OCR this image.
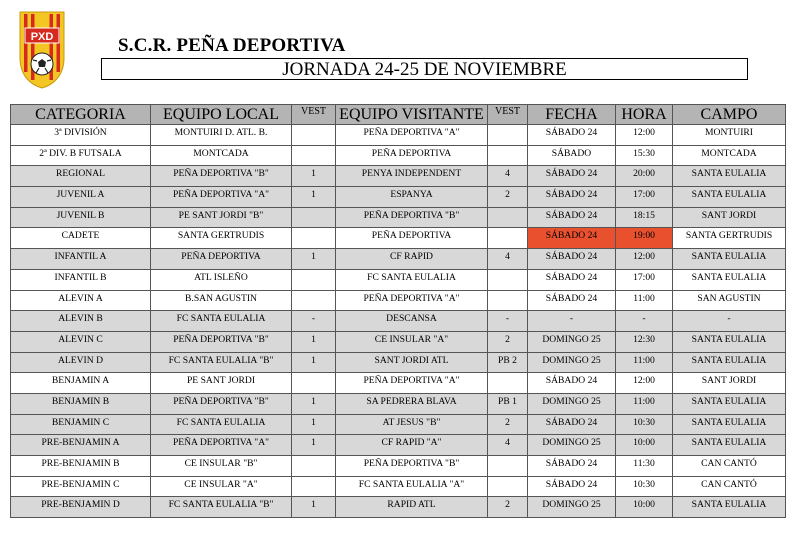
PXD	S.C.R. PEÑA DEPORTIVA
JORNADA 24-25 DE NOVIEMBRE
CATEGORIA	EQUIPO LOCAL	VEST	EQUIPO VISITANTE	VEST	FECHA	HORA	CAMPO
3ª DIVISIÓN	MONTUIRI D. ATL. B.		PEÑA DEPORTIVA "A"		SÁBADO 24	12:00	MONTUIRI
2ª DIV. B FUTSALA	MONTCADA		PEÑA DEPORTIVA		SÁBADO	15:30	MONTCADA
REGIONAL	PEÑA DEPORTIVA "B"	1	PENYA INDEPENDENT	4	SÁBADO 24	20:00	SANTA EULALIA
JUVENIL A	PEÑA DEPORTIVA "A"	1	ESPANYA	2	SÁBADO 24	17:00	SANTA EULALIA
JUVENIL B	PE SANT JORDI "B"		PEÑA DEPORTIVA "B"		SÁBADO 24	18:15	SANT JORDI
CADETE	SANTA GERTRUDIS		PEÑA DEPORTIVA		SÁBADO 24	19:00	SANTA GERTRUDIS
INFANTIL A	PEÑA DEPORTIVA	1	CF RAPID	4	SÁBADO 24	12:00	SANTA EULALIA
INFANTIL B	ATL ISLEÑO		FC SANTA EULALIA		SÁBADO 24	17:00	SANTA EULALIA
ALEVIN A	B.SAN AGUSTIN		PEÑA DEPORTIVA "A"		SÁBADO 24	11:00	SAN AGUSTIN
ALEVIN B	FC SANTA EULALIA	-	DESCANSA	-	-	-	-
ALEVIN C	PEÑA DEPORTIVA "B"	1	CE INSULAR "A"	2	DOMINGO 25	12:30	SANTA EULALIA
ALEVIN D	FC SANTA EULALIA "B"	1	SANT JORDI ATL	PB 2	DOMINGO 25	11:00	SANTA EULALIA
BENJAMIN A	PE SANT JORDI		PEÑA DEPORTIVA "A"		SÁBADO 24	12:00	SANT JORDI
BENJAMIN B	PEÑA DEPORTIVA "B"	1	SA PEDRERA BLAVA	PB 1	DOMINGO 25	11:00	SANTA EULALIA
BENJAMIN C	FC SANTA EULALIA	1	AT JESUS "B"	2	SÁBADO 24	10:30	SANTA EULALIA
PRE-BENJAMIN A	PEÑA DEPORTIVA "A"	1	CF RAPID "A"	4	DOMINGO 25	10:00	SANTA EULALIA
PRE-BENJAMIN B	CE INSULAR "B"		PEÑA DEPORTIVA "B"		SÁBADO 24	11:30	CAN CANTÓ
PRE-BENJAMIN C	CE INSULAR "A"		FC SANTA EULALIA "A"		SÁBADO 24	10:30	CAN CANTÓ
PRE-BENJAMIN D	FC SANTA EULALIA "B"	1	RAPID ATL	2	DOMINGO 25	10:00	SANTA EULALIA
